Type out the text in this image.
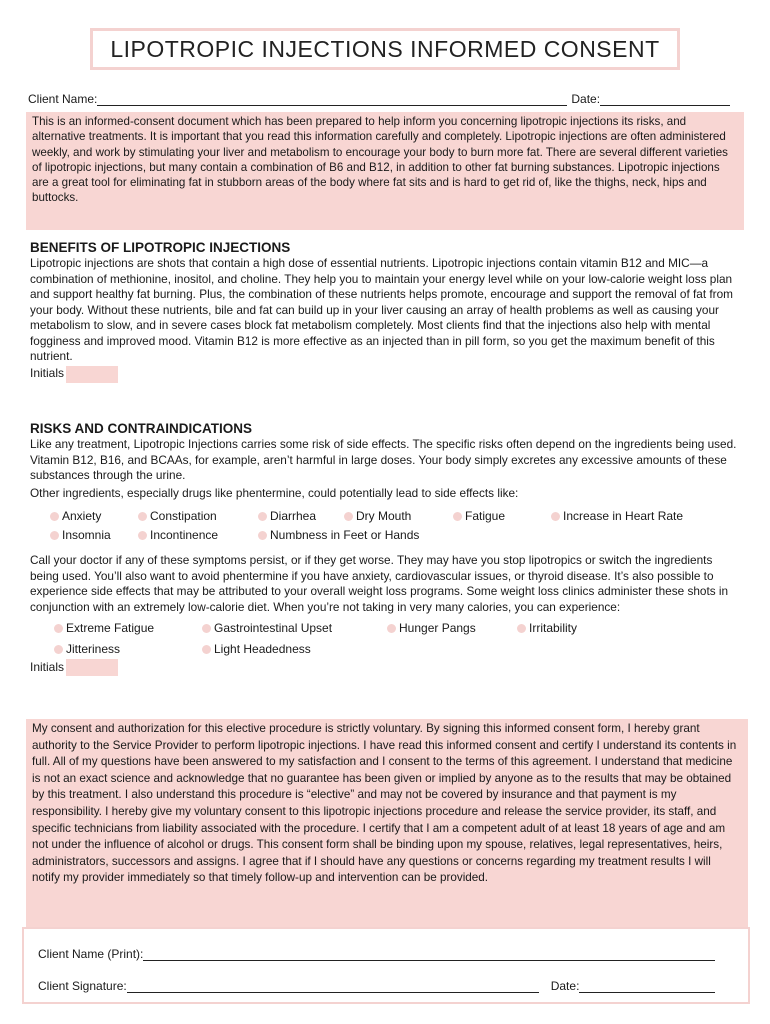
LIPOTROPIC INJECTIONS INFORMED CONSENT
Client Name:	Date:

This is an informed-consent document which has been prepared to help inform you concerning lipotropic injections its risks, and alternative treatments. It is important that you read this information carefully and completely. Lipotropic injections are often administered weekly, and work by stimulating your liver and metabolism to encourage your body to burn more fat. There are several different varieties of lipotropic injections, but many contain a combination of B6 and B12, in addition to other fat burning substances. Lipotropic injections are a great tool for eliminating fat in stubborn areas of the body where fat sits and is hard to get rid of, like the thighs, neck, hips and buttocks.

BENEFITS OF LIPOTROPIC INJECTIONS

Lipotropic injections are shots that contain a high dose of essential nutrients. Lipotropic injections contain vitamin B12 and MIC—a combination of methionine, inositol, and choline. They help you to maintain your energy level while on your low-calorie weight loss plan and support healthy fat burning. Plus, the combination of these nutrients helps promote, encourage and support the removal of fat from your body. Without these nutrients, bile and fat can build up in your liver causing an array of health problems as well as causing your metabolism to slow, and in severe cases block fat metabolism completely. Most clients find that the injections also help with mental fogginess and improved mood. Vitamin B12 is more effective as an injected than in pill form, so you get the maximum benefit of this nutrient.

Initials
RISKS AND CONTRAINDICATIONS

Like any treatment, Lipotropic Injections carries some risk of side effects. The specific risks often depend on the ingredients being used. Vitamin B12, B16, and BCAAs, for example, aren’t harmful in large doses. Your body simply excretes any excessive amounts of these substances through the urine.

Other ingredients, especially drugs like phentermine, could potentially lead to side effects like:

Anxiety	Constipation	Diarrhea	Dry Mouth	Fatigue	Increase in Heart Rate
Insomnia	Incontinence	Numbness in Feet or Hands

Call your doctor if any of these symptoms persist, or if they get worse. They may have you stop lipotropics or switch the ingredients being used. You’ll also want to avoid phentermine if you have anxiety, cardiovascular issues, or thyroid disease. It’s also possible to experience side effects that may be attributed to your overall weight loss programs. Some weight loss clinics administer these shots in conjunction with an extremely low-calorie diet. When you’re not taking in very many calories, you can experience:

Extreme Fatigue	Gastrointestinal Upset	Hunger Pangs	Irritability
Jitteriness	Light Headedness
Initials

My consent and authorization for this elective procedure is strictly voluntary. By signing this informed consent form, I hereby grant authority to the Service Provider to perform lipotropic injections. I have read this informed consent and certify I understand its contents in full. All of my questions have been answered to my satisfaction and I consent to the terms of this agreement. I understand that medicine is not an exact science and acknowledge that no guarantee has been given or implied by anyone as to the results that may be obtained by this treatment. I also understand this procedure is “elective” and may not be covered by insurance and that payment is my responsibility. I hereby give my voluntary consent to this lipotropic injections procedure and release the service provider, its staff, and specific technicians from liability associated with the procedure. I certify that I am a competent adult of at least 18 years of age and am not under the influence of alcohol or drugs. This consent form shall be binding upon my spouse, relatives, legal representatives, heirs, administrators, successors and assigns. I agree that if I should have any questions or concerns regarding my treatment results I will notify my provider immediately so that timely follow-up and intervention can be provided.

Client Name (Print):
Client Signature:	Date:
